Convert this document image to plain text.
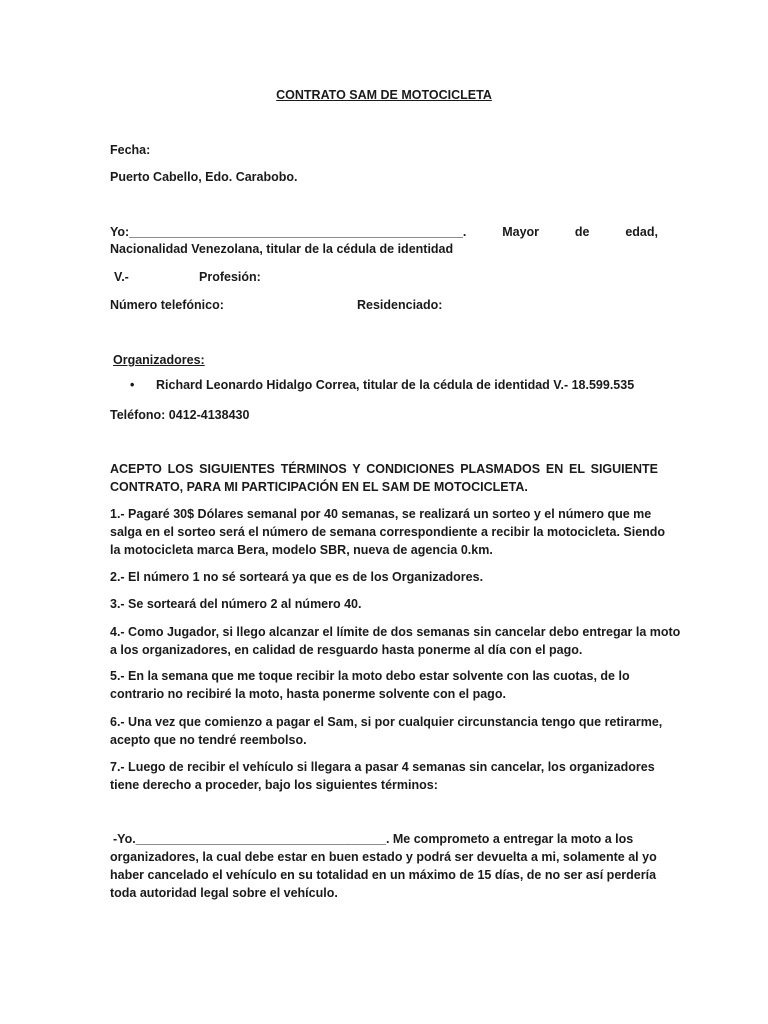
CONTRATO SAM DE MOTOCICLETA
Fecha:
Puerto Cabello, Edo. Carabobo.
Yo:________________________________________________.	Mayor	de	edad,
Nacionalidad Venezolana, titular de la cédula de identidad
V.-	Profesión:
Número telefónico:	Residenciado:
Organizadores:
•	Richard Leonardo Hidalgo Correa, titular de la cédula de identidad V.- 18.599.535
Teléfono: 0412-4138430
ACEPTO LOS SIGUIENTES TÉRMINOS Y CONDICIONES PLASMADOS EN EL SIGUIENTE
CONTRATO, PARA MI PARTICIPACIÓN EN EL SAM DE MOTOCICLETA.
1.- Pagaré 30$ Dólares semanal por 40 semanas, se realizará un sorteo y el número que me
salga en el sorteo será el número de semana correspondiente a recibir la motocicleta. Siendo
la motocicleta marca Bera, modelo SBR, nueva de agencia 0.km.
2.- El número 1 no sé sorteará ya que es de los Organizadores.
3.- Se sorteará del número 2 al número 40.
4.- Como Jugador, si llego alcanzar el límite de dos semanas sin cancelar debo entregar la moto
a los organizadores, en calidad de resguardo hasta ponerme al día con el pago.
5.- En la semana que me toque recibir la moto debo estar solvente con las cuotas, de lo
contrario no recibiré la moto, hasta ponerme solvente con el pago.
6.- Una vez que comienzo a pagar el Sam, si por cualquier circunstancia tengo que retirarme,
acepto que no tendré reembolso.
7.- Luego de recibir el vehículo si llegara a pasar 4 semanas sin cancelar, los organizadores
tiene derecho a proceder, bajo los siguientes términos:
-Yo.____________________________________. Me comprometo a entregar la moto a los
organizadores, la cual debe estar en buen estado y podrá ser devuelta a mi, solamente al yo
haber cancelado el vehículo en su totalidad en un máximo de 15 días, de no ser así perdería
toda autoridad legal sobre el vehículo.
